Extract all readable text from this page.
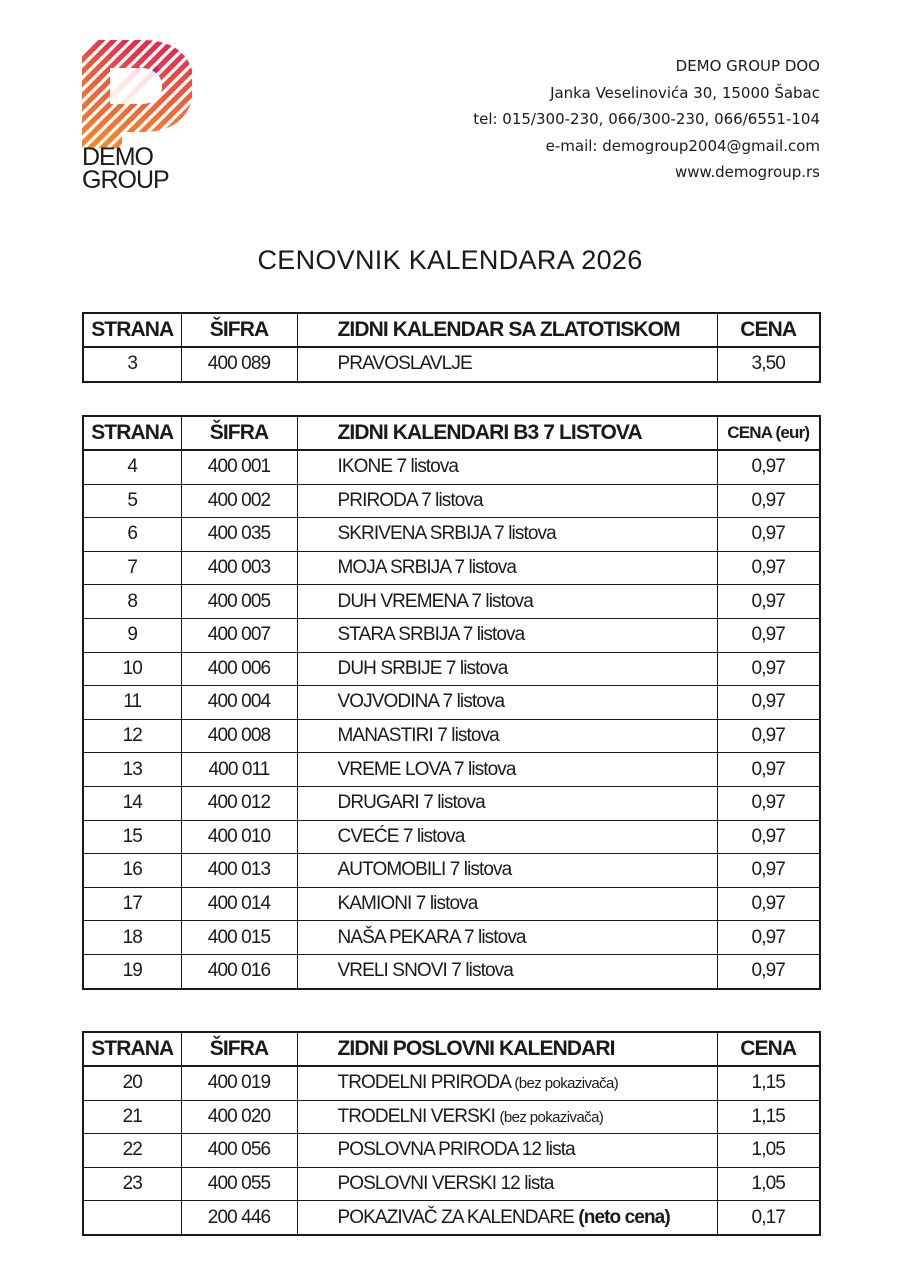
DEMO
GROUP
DEMO GROUP DOO
Janka Veselinovića 30, 15000 Šabac
tel: 015/300-230, 066/300-230, 066/6551-104
e-mail: demogroup2004@gmail.com
www.demogroup.rs
CENOVNIK KALENDARA 2026
STRANA	ŠIFRA	ZIDNI KALENDAR SA ZLATOTISKOM	CENA
3	400 089	PRAVOSLAVLJE	3,50
STRANA	ŠIFRA	ZIDNI KALENDARI B3 7 LISTOVA	CENA (eur)
4	400 001	IKONE 7 listova	0,97
5	400 002	PRIRODA 7 listova	0,97
6	400 035	SKRIVENA SRBIJA 7 listova	0,97
7	400 003	MOJA SRBIJA 7 listova	0,97
8	400 005	DUH VREMENA 7 listova	0,97
9	400 007	STARA SRBIJA 7 listova	0,97
10	400 006	DUH SRBIJE 7 listova	0,97
11	400 004	VOJVODINA 7 listova	0,97
12	400 008	MANASTIRI 7 listova	0,97
13	400 011	VREME LOVA 7 listova	0,97
14	400 012	DRUGARI 7 listova	0,97
15	400 010	CVEĆE 7 listova	0,97
16	400 013	AUTOMOBILI 7 listova	0,97
17	400 014	KAMIONI 7 listova	0,97
18	400 015	NAŠA PEKARA 7 listova	0,97
19	400 016	VRELI SNOVI 7 listova	0,97
STRANA	ŠIFRA	ZIDNI POSLOVNI KALENDARI	CENA
20	400 019	TRODELNI PRIRODA (bez pokazivača)	1,15
21	400 020	TRODELNI VERSKI (bez pokazivača)	1,15
22	400 056	POSLOVNA PRIRODA 12 lista	1,05
23	400 055	POSLOVNI VERSKI 12 lista	1,05
	200 446	POKAZIVAČ ZA KALENDARE (neto cena)	0,17
